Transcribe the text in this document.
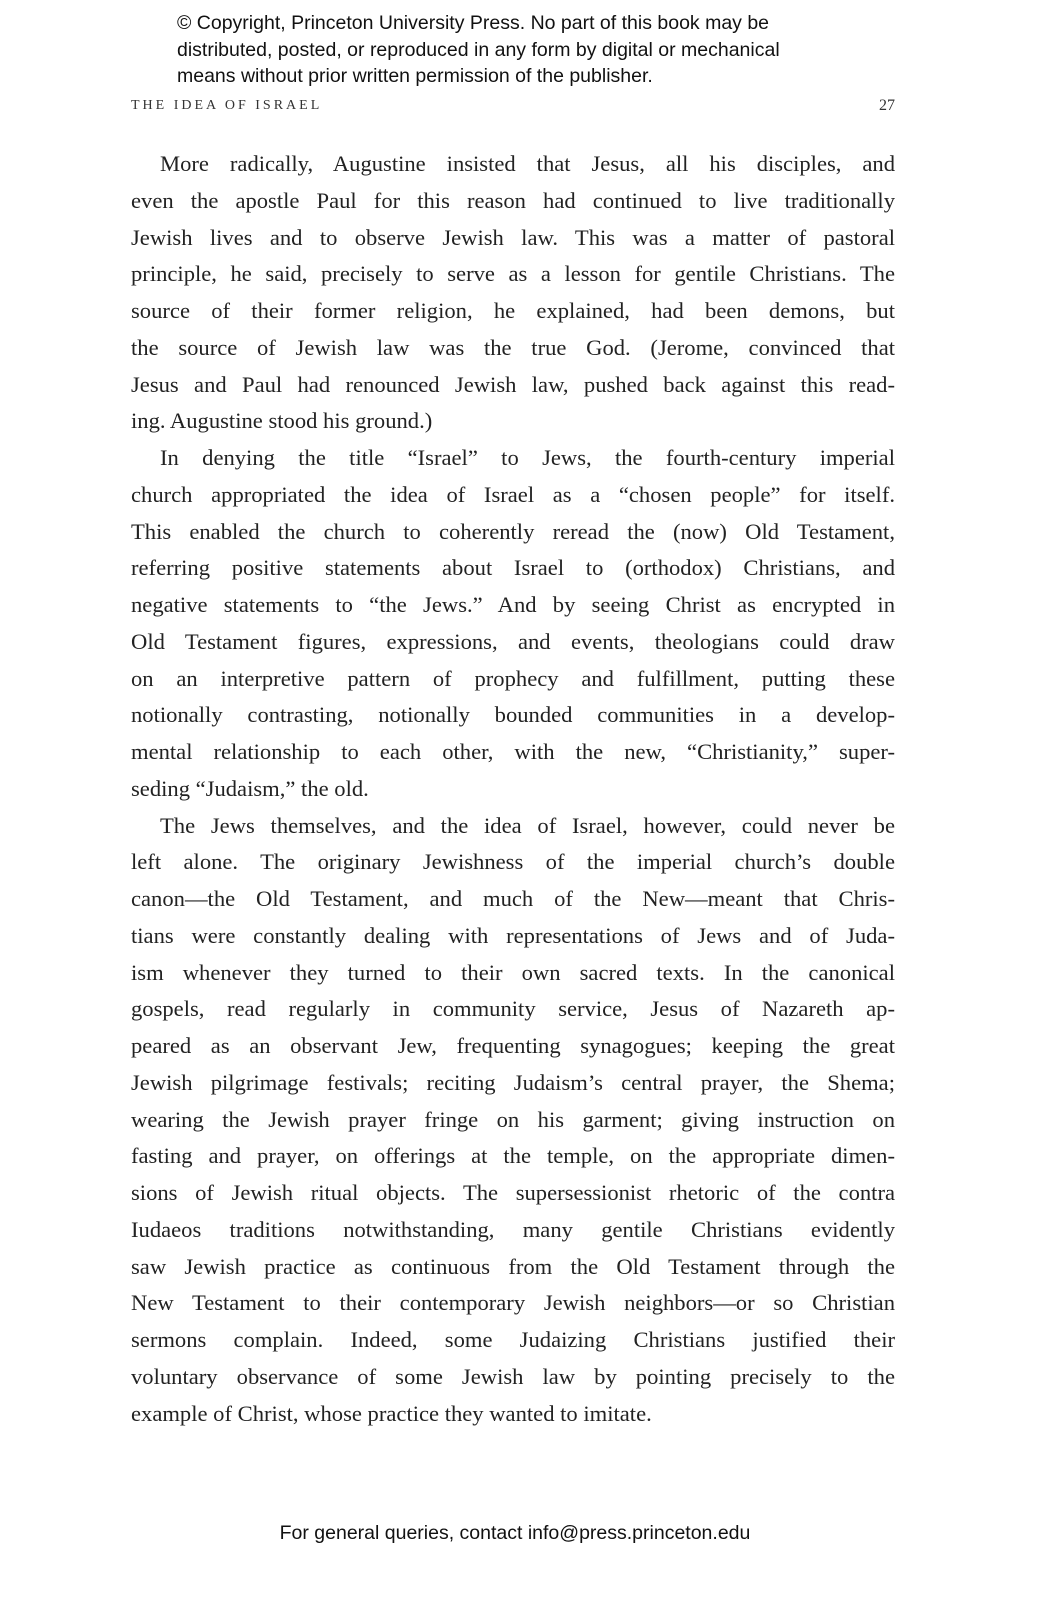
© Copyright, Princeton University Press. No part of this book may be
distributed, posted, or reproduced in any form by digital or mechanical
means without prior written permission of the publisher.
THE IDEA OF ISRAEL	27
More radically, Augustine insisted that Jesus, all his disciples, and
even the apostle Paul for this reason had continued to live traditionally
Jewish lives and to observe Jewish law. This was a matter of pastoral
principle, he said, precisely to serve as a lesson for gentile Christians. The
source of their former religion, he explained, had been demons, but
the source of Jewish law was the true God. (Jerome, convinced that
Jesus and Paul had renounced Jewish law, pushed back against this read-
ing. Augustine stood his ground.)
In denying the title “Israel” to Jews, the fourth-century imperial
church appropriated the idea of Israel as a “chosen people” for itself.
This enabled the church to coherently reread the (now) Old Testament,
referring positive statements about Israel to (orthodox) Christians, and
negative statements to “the Jews.” And by seeing Christ as encrypted in
Old Testament figures, expressions, and events, theologians could draw
on an interpretive pattern of prophecy and fulfillment, putting these
notionally contrasting, notionally bounded communities in a develop-
mental relationship to each other, with the new, “Christianity,” super-
seding “Judaism,” the old.
The Jews themselves, and the idea of Israel, however, could never be
left alone. The originary Jewishness of the imperial church’s double
canon—the Old Testament, and much of the New—meant that Chris-
tians were constantly dealing with representations of Jews and of Juda-
ism whenever they turned to their own sacred texts. In the canonical
gospels, read regularly in community service, Jesus of Nazareth ap-
peared as an observant Jew, frequenting synagogues; keeping the great
Jewish pilgrimage festivals; reciting Judaism’s central prayer, the Shema;
wearing the Jewish prayer fringe on his garment; giving instruction on
fasting and prayer, on offerings at the temple, on the appropriate dimen-
sions of Jewish ritual objects. The supersessionist rhetoric of the contra
Iudaeos traditions notwithstanding, many gentile Christians evidently
saw Jewish practice as continuous from the Old Testament through the
New Testament to their contemporary Jewish neighbors—or so Christian
sermons complain. Indeed, some Judaizing Christians justified their
voluntary observance of some Jewish law by pointing precisely to the
example of Christ, whose practice they wanted to imitate.
For general queries, contact info@press.princeton.edu
